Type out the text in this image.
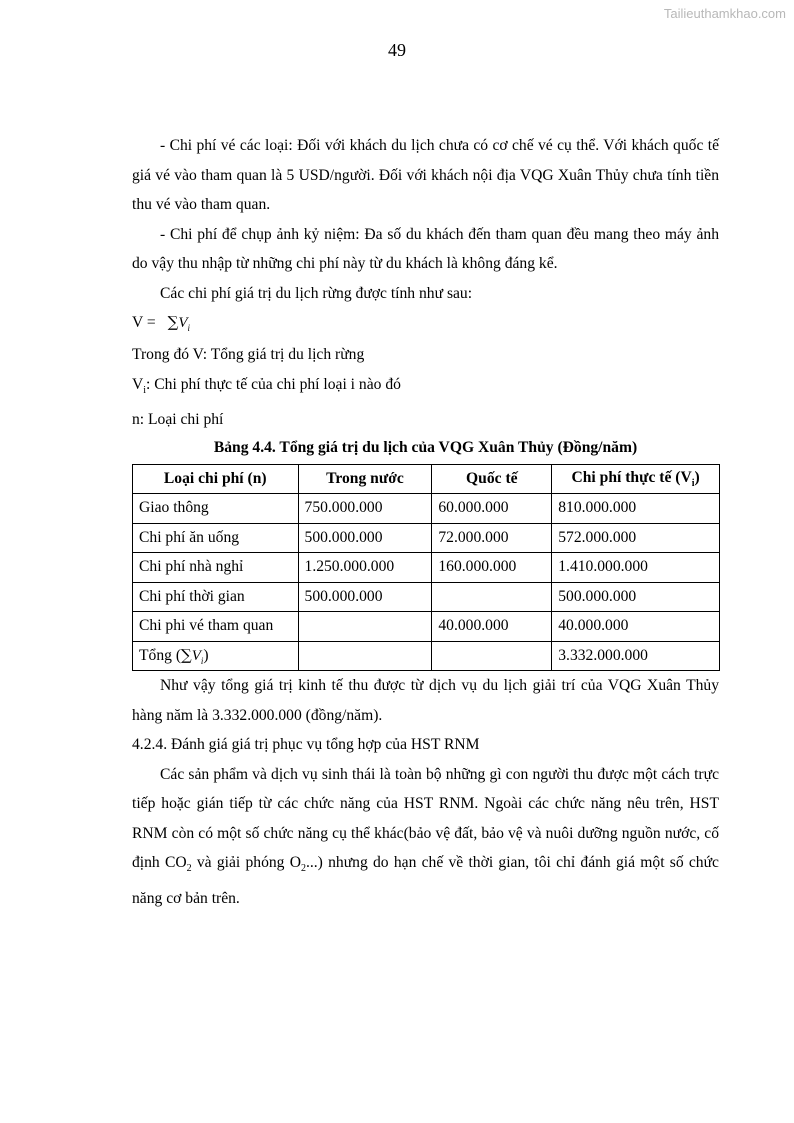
Tailieuthamkhao.com
49

- Chi phí vé các loại: Đối với khách du lịch chưa có cơ chế vé cụ thể. Với khách quốc tế giá vé vào tham quan là 5 USD/người. Đối với khách nội địa VQG Xuân Thủy chưa tính tiền thu vé vào tham quan.

- Chi phí để chụp ảnh kỷ niệm: Đa số du khách đến tham quan đều mang theo máy ảnh do vậy thu nhập từ những chi phí này từ du khách là không đáng kể.

Các chi phí giá trị du lịch rừng được tính như sau:

$V = \sum V_i$

Trong đó V: Tổng giá trị du lịch rừng

$V_i$: Chi phí thực tế của chi phí loại i nào đó

n: Loại chi phí

Bảng 4.4. Tổng giá trị du lịch của VQG Xuân Thủy (Đồng/năm)
Loại chi phí (n)	Trong nước	Quốc tế	Chi phí thực tế $(V_i)$
Giao thông	750.000.000	60.000.000	810.000.000
Chi phí ăn uống	500.000.000	72.000.000	572.000.000
Chi phí nhà nghỉ	1.250.000.000	160.000.000	1.410.000.000
Chi phí thời gian	500.000.000		500.000.000
Chi phi vé tham quan		40.000.000	40.000.000
Tổng $(\sum V_i)$			3.332.000.000

Như vậy tổng giá trị kinh tế thu được từ dịch vụ du lịch giải trí của VQG Xuân Thủy hàng năm là 3.332.000.000 (đồng/năm).

4.2.4. Đánh giá giá trị phục vụ tổng hợp của HST RNM

Các sản phẩm và dịch vụ sinh thái là toàn bộ những gì con người thu được một cách trực tiếp hoặc gián tiếp từ các chức năng của HST RNM. Ngoài các chức năng nêu trên, HST RNM còn có một số chức năng cụ thể khác(bảo vệ đất, bảo vệ và nuôi dưỡng nguồn nước, cố định $CO_2$ và giải phóng $O_2$...) nhưng do hạn chế về thời gian, tôi chỉ đánh giá một số chức năng cơ bản trên.
